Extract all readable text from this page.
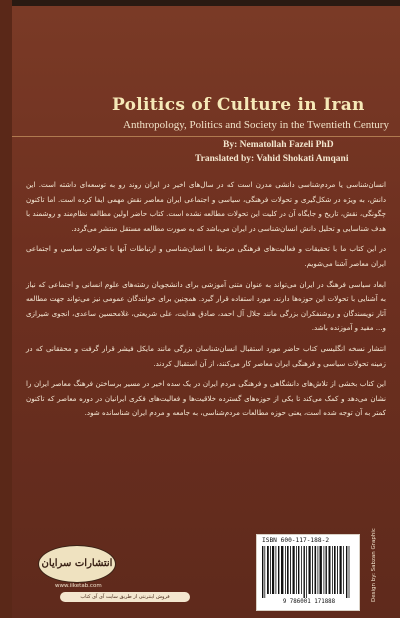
Politics of Culture in Iran
Anthropology, Politics and Society in the Twentieth Century
By: Nematollah Fazeli PhD
Translated by: Vahid Shokati Amqani

انسان‌شناسی یا مردم‌شناسی دانشی مدرن است که در سال‌های اخیر در ایران روند رو به توسعه‌ای داشته است. این دانش، به ویژه در شکل‌گیری و تحولات فرهنگی، سیاسی و اجتماعی ایران معاصر نقش مهمی ایفا کرده است. اما تاکنون چگونگی، نقش، تاریخ و جایگاه آن در کلیت این تحولات مطالعه نشده است. کتاب حاضر اولین مطالعه نظام‌مند و روشمند با هدف شناسایی و تحلیل دانش انسان‌شناسی در ایران می‌باشد که به صورت مطالعه مستقل منتشر می‌گردد.

در این کتاب ما با تحقیقات و فعالیت‌های فرهنگی مرتبط با انسان‌شناسی و ارتباطات آنها با تحولات سیاسی و اجتماعی ایران معاصر آشنا می‌شویم.

ابعاد سیاسی فرهنگ در ایران می‌تواند به عنوان متنی آموزشی برای دانشجویان رشته‌های علوم انسانی و اجتماعی که نیاز به آشنایی با تحولات این حوزه‌ها دارند، مورد استفاده قرار گیرد. همچنین برای خوانندگان عمومی نیز می‌تواند جهت مطالعه آثار نویسندگان و روشنفکران بزرگی مانند جلال آل احمد، صادق هدایت، علی شریعتی، غلامحسین ساعدی، انجوی شیرازی و... مفید و آموزنده باشد.

انتشار نسخه انگلیسی کتاب حاضر مورد استقبال انسان‌شناسان بزرگی مانند مایکل فیشر قرار گرفت و محققانی که در زمینه تحولات سیاسی و فرهنگی ایران معاصر کار می‌کنند، از آن استقبال کردند.

این کتاب بخشی از تلاش‌های دانشگاهی و فرهنگی مردم ایران در یک سده اخیر در مسیر برساختن فرهنگ معاصر ایران را نشان می‌دهد و کمک می‌کند تا یکی از حوزه‌های گسترده خلاقیت‌ها و فعالیت‌های فکری ایرانیان در دوره معاصر که تاکنون کمتر به آن توجه شده است، یعنی حوزه مطالعات مردم‌شناسی، به جامعه و مردم ایران شناسانده شود.

انتشارات سرایان
www.iiketab.com
فروش اینترنتی از طریق سایت آی آی کتاب
ISBN 600-117-188-2
9 786001 171888	Design by: Sabzan Graphic
